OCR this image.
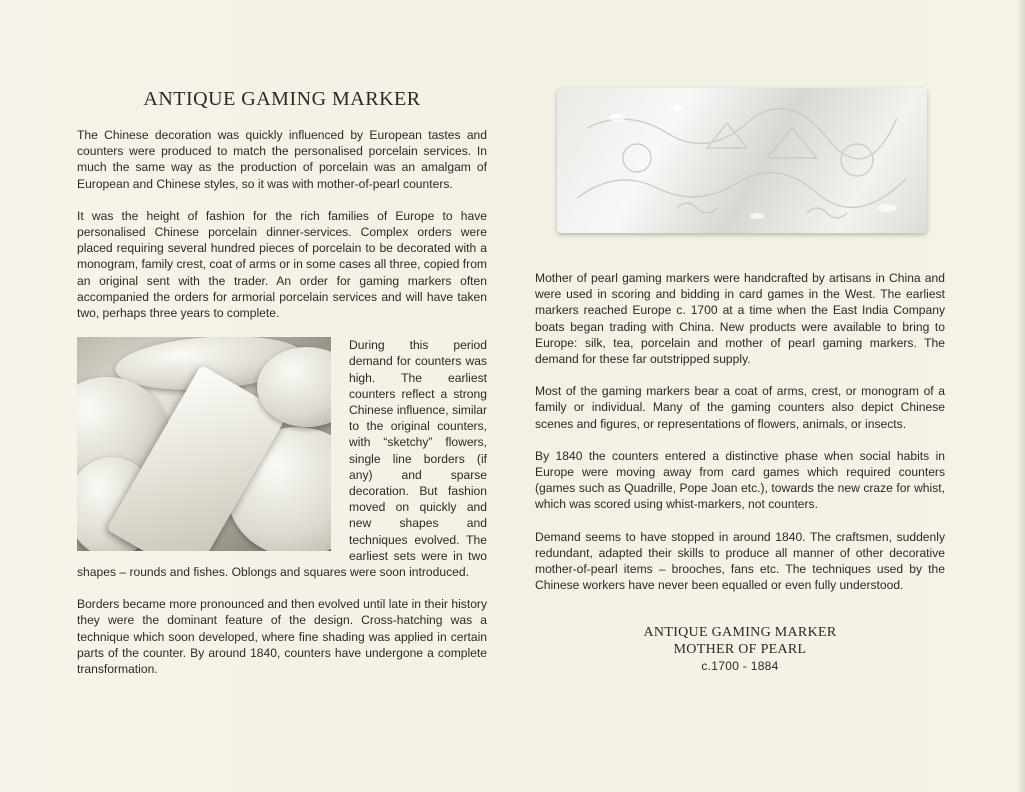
ANTIQUE GAMING MARKER

The Chinese decoration was quickly influenced by European tastes and counters were produced to match the personalised porcelain services. In much the same way as the production of porcelain was an amalgam of European and Chinese styles, so it was with mother-of-pearl counters.

It was the height of fashion for the rich families of Europe to have personalised Chinese porcelain dinner-services. Complex orders were placed requiring several hundred pieces of porcelain to be decorated with a monogram, family crest, coat of arms or in some cases all three, copied from an original sent with the trader. An order for gaming markers often accompanied the orders for armorial porcelain services and will have taken two, perhaps three years to complete.

During this period demand for counters was high. The earliest counters reflect a strong Chinese influence, similar to the original counters, with “sketchy” flowers, single line borders (if any) and sparse decoration. But fashion moved on quickly and new shapes and techniques evolved. The earliest sets were in two shapes – rounds and fishes. Oblongs and squares were soon introduced.

Borders became more pronounced and then evolved until late in their history they were the dominant feature of the design. Cross-hatching was a technique which soon developed, where fine shading was applied in certain parts of the counter. By around 1840, counters have undergone a complete transformation.

Mother of pearl gaming markers were handcrafted by artisans in China and were used in scoring and bidding in card games in the West. The earliest markers reached Europe c. 1700 at a time when the East India Company boats began trading with China. New products were available to bring to Europe: silk, tea, porcelain and mother of pearl gaming markers. The demand for these far outstripped supply.

Most of the gaming markers bear a coat of arms, crest, or monogram of a family or individual. Many of the gaming counters also depict Chinese scenes and figures, or representations of flowers, animals, or insects.

By 1840 the counters entered a distinctive phase when social habits in Europe were moving away from card games which required counters (games such as Quadrille, Pope Joan etc.), towards the new craze for whist, which was scored using whist-markers, not counters.

Demand seems to have stopped in around 1840. The craftsmen, suddenly redundant, adapted their skills to produce all manner of other decorative mother-of-pearl items – brooches, fans etc. The techniques used by the Chinese workers have never been equalled or even fully understood.

ANTIQUE GAMING MARKER
MOTHER OF PEARL
c.1700 - 1884
